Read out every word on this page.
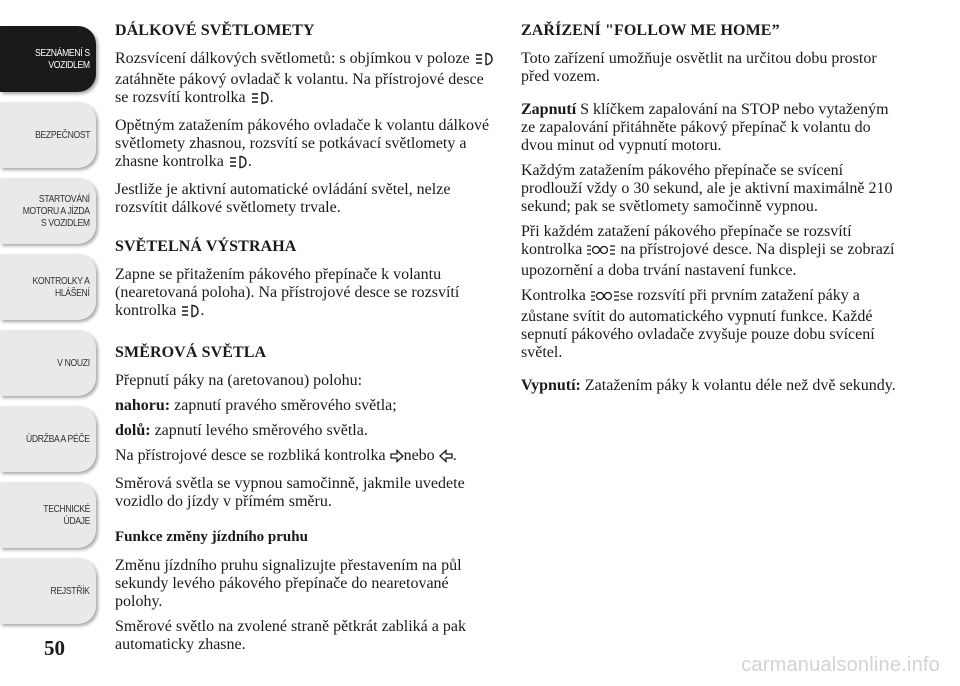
SEZNÁMENÍ S
VOZIDLEM
BEZPEČNOST
STARTOVÁNÍ
MOTORU A JÍZDA
S VOZIDLEM
KONTROLKY A
HLÁŠENÍ
V NOUZI
ÚDRŽBA A PÉČE
TECHNICKÉ
ÚDAJE
REJSTŘÍK
50
DÁLKOVÉ SVĚTLOMETY

Rozsvícení dálkových světlometů: s objímkou v poloze  zatáhněte pákový ovladač k volantu. Na přístrojové desce se rozsvítí kontrolka .

Opětným zatažením pákového ovladače k volantu dálkové světlomety zhasnou, rozsvítí se potkávací světlomety a zhasne kontrolka .

Jestliže je aktivní automatické ovládání světel, nelze rozsvítit dálkové světlomety trvale.

SVĚTELNÁ VÝSTRAHA

Zapne se přitažením pákového přepínače k volantu (nearetovaná poloha). Na přístrojové desce se rozsvítí kontrolka .

SMĚROVÁ SVĚTLA

Přepnutí páky na (aretovanou) polohu:

nahoru: zapnutí pravého směrového světla;

dolů: zapnutí levého směrového světla.

Na přístrojové desce se rozbliká kontrolka nebo .

Směrová světla se vypnou samočinně, jakmile uvedete vozidlo do jízdy v přímém směru.

Funkce změny jízdního pruhu

Změnu jízdního pruhu signalizujte přestavením na půl sekundy levého pákového přepínače do nearetované polohy.

Směrové světlo na zvolené straně pětkrát zabliká a pak automaticky zhasne.

ZAŘÍZENÍ "FOLLOW ME HOME”

Toto zařízení umožňuje osvětlit na určitou dobu prostor před vozem.

Zapnutí S klíčkem zapalování na STOP nebo vytaženým ze zapalování přitáhněte pákový přepínač k volantu do dvou minut od vypnutí motoru.

Každým zatažením pákového přepínače se svícení prodlouží vždy o 30 sekund, ale je aktivní maximálně 210 sekund; pak se světlomety samočinně vypnou.

Při každém zatažení pákového přepínače se rozsvítí kontrolka na přístrojové desce. Na displeji se zobrazí upozornění a doba trvání nastavení funkce.

Kontrolka se rozsvítí při prvním zatažení páky a zůstane svítit do automatického vypnutí funkce. Každé sepnutí pákového ovladače zvyšuje pouze dobu svícení světel.

Vypnutí: Zatažením páky k volantu déle než dvě sekundy.

carmanualsonline.info
